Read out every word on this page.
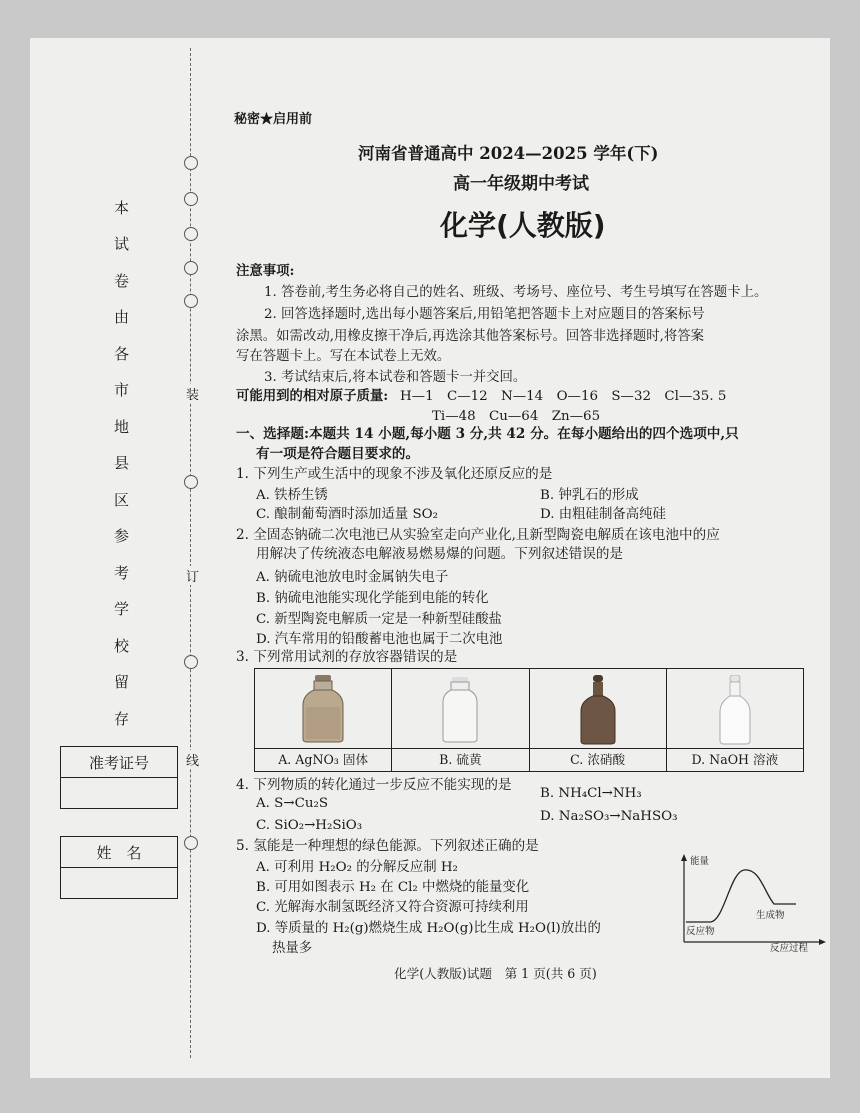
装
订
线
本
试
卷
由
各
市
地
县
区
参
考
学
校
留
存
准考证号
姓　名
秘密★启用前
河南省普通高中 2024—2025 学年(下)
高一年级期中考试
化学(人教版)
注意事项:
1. 答卷前,考生务必将自己的姓名、班级、考场号、座位号、考生号填写在答题卡上。
2. 回答选择题时,选出每小题答案后,用铅笔把答题卡上对应题目的答案标号
涂黑。如需改动,用橡皮擦干净后,再选涂其他答案标号。回答非选择题时,将答案
写在答题卡上。写在本试卷上无效。
3. 考试结束后,将本试卷和答题卡一并交回。
可能用到的相对原子质量: H—1　C—12　N—14　O—16　S—32　Cl—35. 5
Ti—48　Cu—64　Zn—65
一、选择题:本题共 14 小题,每小题 3 分,共 42 分。在每小题给出的四个选项中,只
有一项是符合题目要求的。
1. 下列生产或生活中的现象不涉及氧化还原反应的是
A. 铁桥生锈	B. 钟乳石的形成
C. 酿制葡萄酒时添加适量 SO₂	D. 由粗硅制备高纯硅
2. 全固态钠硫二次电池已从实验室走向产业化,且新型陶瓷电解质在该电池中的应
用解决了传统液态电解液易燃易爆的问题。下列叙述错误的是
A. 钠硫电池放电时金属钠失电子
B. 钠硫电池能实现化学能到电能的转化
C. 新型陶瓷电解质一定是一种新型硅酸盐
D. 汽车常用的铅酸蓄电池也属于二次电池
3. 下列常用试剂的存放容器错误的是
A. AgNO₃ 固体	B. 硫黄	C. 浓硝酸	D. NaOH 溶液
4. 下列物质的转化通过一步反应不能实现的是
A. S→Cu₂S
B. NH₄Cl→NH₃
C. SiO₂→H₂SiO₃
D. Na₂SO₃→NaHSO₃
5. 氢能是一种理想的绿色能源。下列叙述正确的是
A. 可利用 H₂O₂ 的分解反应制 H₂
B. 可用如图表示 H₂ 在 Cl₂ 中燃烧的能量变化
C. 光解海水制氢既经济又符合资源可持续利用
D. 等质量的 H₂(g)燃烧生成 H₂O(g)比生成 H₂O(l)放出的
热量多
能量
反应物
生成物
反应过程
化学(人教版)试题　第 1 页(共 6 页)
